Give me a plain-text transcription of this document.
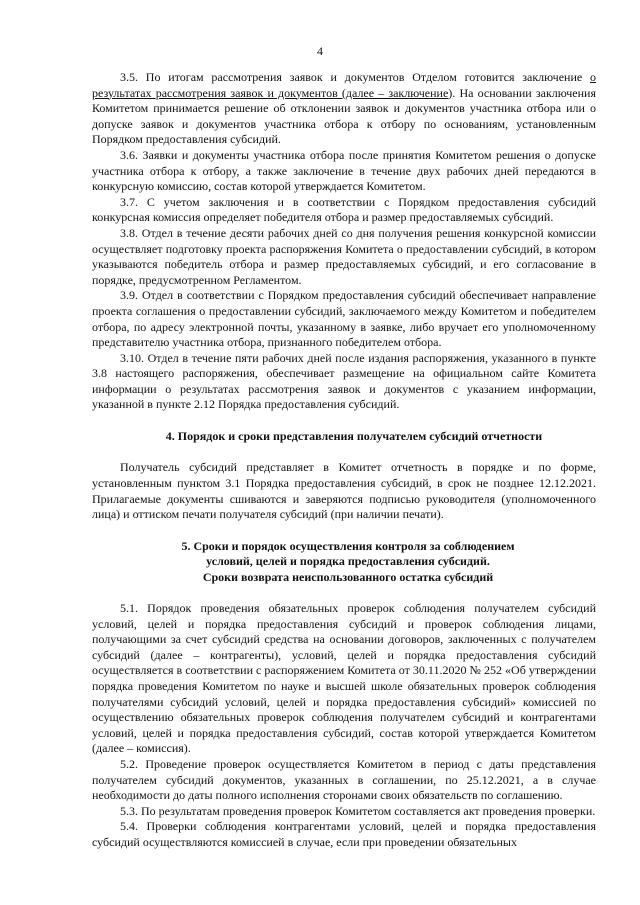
4

3.5. По итогам рассмотрения заявок и документов Отделом готовится заключение о результатах рассмотрения заявок и документов (далее – заключение). На основании заключения Комитетом принимается решение об отклонении заявок и документов участника отбора или о допуске заявок и документов участника отбора к отбору по основаниям, установленным Порядком предоставления субсидий.

3.6. Заявки и документы участника отбора после принятия Комитетом решения о допуске участника отбора к отбору, а также заключение в течение двух рабочих дней передаются в конкурсную комиссию, состав которой утверждается Комитетом.

3.7. С учетом заключения и в соответствии с Порядком предоставления субсидий конкурсная комиссия определяет победителя отбора и размер предоставляемых субсидий.

3.8. Отдел в течение десяти рабочих дней со дня получения решения конкурсной комиссии осуществляет подготовку проекта распоряжения Комитета о предоставлении субсидий, в котором указываются победитель отбора и размер предоставляемых субсидий, и его согласование в порядке, предусмотренном Регламентом.

3.9. Отдел в соответствии с Порядком предоставления субсидий обеспечивает направление проекта соглашения о предоставлении субсидий, заключаемого между Комитетом и победителем отбора, по адресу электронной почты, указанному в заявке, либо вручает его уполномоченному представителю участника отбора, признанного победителем отбора.

3.10. Отдел в течение пяти рабочих дней после издания распоряжения, указанного в пункте 3.8 настоящего распоряжения, обеспечивает размещение на официальном сайте Комитета информации о результатах рассмотрения заявок и документов с указанием информации, указанной в пункте 2.12 Порядка предоставления субсидий.

4. Порядок и сроки представления получателем субсидий отчетности

Получатель субсидий представляет в Комитет отчетность в порядке и по форме, установленным пунктом 3.1 Порядка предоставления субсидий, в срок не позднее 12.12.2021. Прилагаемые документы сшиваются и заверяются подписью руководителя (уполномоченного лица) и оттиском печати получателя субсидий (при наличии печати).

5. Сроки и порядок осуществления контроля за соблюдением
условий, целей и порядка предоставления субсидий.
Сроки возврата неиспользованного остатка субсидий

5.1. Порядок проведения обязательных проверок соблюдения получателем субсидий условий, целей и порядка предоставления субсидий и проверок соблюдения лицами, получающими за счет субсидий средства на основании договоров, заключенных с получателем субсидий (далее – контрагенты), условий, целей и порядка предоставления субсидий осуществляется в соответствии с распоряжением Комитета от 30.11.2020 № 252 «Об утверждении порядка проведения Комитетом по науке и высшей школе обязательных проверок соблюдения получателями субсидий условий, целей и порядка предоставления субсидий» комиссией по осуществлению обязательных проверок соблюдения получателем субсидий и контрагентами условий, целей и порядка предоставления субсидий, состав которой утверждается Комитетом (далее – комиссия).

5.2. Проведение проверок осуществляется Комитетом в период с даты представления получателем субсидий документов, указанных в соглашении, по 25.12.2021, а в случае необходимости до даты полного исполнения сторонами своих обязательств по соглашению.

5.3. По результатам проведения проверок Комитетом составляется акт проведения проверки.

5.4. Проверки соблюдения контрагентами условий, целей и порядка предоставления субсидий осуществляются комиссией в случае, если при проведении обязательных
